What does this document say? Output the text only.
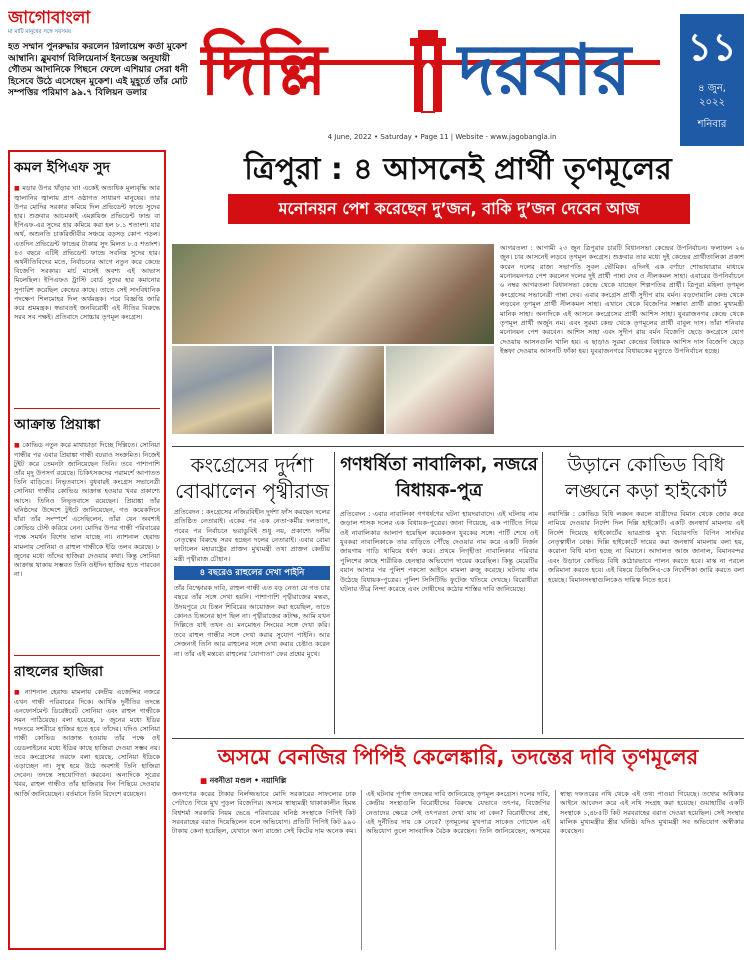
জাগোবাংলা
মা মাটি মানুষের সঙ্গে সবসময়
হত সম্মান পুনরুদ্ধার করলেন রিলায়েন্স কর্তা মুকেশ আম্বানি। ব্লুমবার্গ বিলিয়েনার্স ইনডেক্স অনুযায়ী গৌতম আদানিকে পিছনে ফেলে এশিয়ার সেরা ধনী হিসেবে উঠে এসেছেন মুকেশ। এই মুহূর্তে তাঁর মোট সম্পত্তির পরিমাণ ৯৯.৭ বিলিয়ন ডলার দিল্লি দরবার
4 June, 2022 • Saturday • Page 11 | Website - www.jagobangla.in
১১
৪ জুন,
২০২২
শনিবার
কমল ইপিএফ সুদ
■ মড়ার উপর খাঁড়ার ঘা! একেই অত্যধিক মূল্যবৃদ্ধি আর জ্বালানির জ্বালায় প্রাণ ওষ্ঠাগত সাধারণ মানুষের। তার উপর মোদির সরকার কমিয়ে দিল প্রভিডেন্ট ফান্ডে সুদের হার। শুক্রবার আচমকাই এমপ্লয়িজ প্রভিডেন্ট ফান্ড বা ইপিএফ-এর সুদের হার কমিয়ে করা হল ৮.১ শতাংশ। যার অর্থ, অশুনতি চাকরিজীবীর সঞ্চয়ে বড়সড় কোপ পড়ল। এতদিন প্রভিডেন্ট ফান্ডের টাকায় সুদ মিলত ৮.৫ শতাংশ। ৪৩ বছরে এটিই প্রভিডেন্ট ফান্ডে সবনিম্ন সুদের হার। অর্থনীতিবিদের মতে, নির্বাচনের আগে নতুন করে কেন্দ্রে বিজেপি সরকার। মার্চ মাসেই অবশ্য এই আভাস মিলেছিল। ইপিএফও ট্রাস্টি বোর্ড সুদের হার কমানোর সুপারিশ করেছিল কেন্দ্রের কাছে। তাতে সেই সাংবিধানিক পদক্ষেপ শিলমোহর দিল অর্থমন্ত্রক। পরে বিজ্ঞপ্তি জারি করে শ্রমমন্ত্রক। স্বভাবতই জনবিরোধী এই নীতির বিরুদ্ধে সরব সব পক্ষই। প্রতিবাদে সোচ্চার তৃণমূল কংগ্রেস।
আক্রান্ত প্রিয়াঙ্কা
■ কোভিড নতুন করে মাথাচাড়া দিচ্ছে দিল্লিতে। সোনিয়া গান্ধীর পর এবার প্রিয়াঙ্কা গান্ধী বঢরাও সংক্রমিত। নিজেই টুইট করে তেমনটা জানিয়েছেন তিনি। তবে পাশাপাশি তাঁর মৃদু উপসর্গ রয়েছে। চিকিৎসকদের পরামর্শে আপাতত তিনি বাড়িতে। নিভৃতবাসে। বুধবারই কংগ্রেস সভানেত্রী সোনিয়া গান্ধীর কোভিড আক্রান্ত হওয়ার খবর প্রকাশ্যে আসে। তিনিও নিভৃতবাসে রয়েছেন। প্রিয়াঙ্কা তাঁর ঘনিষ্ঠদের উদ্দেশে টুইটে জানিয়েছেন, গত কয়েকদিনে যাঁরা তাঁর সংস্পর্শে এসেছিলেন, তাঁরা যেন অবশ্যই কোভিড টেস্ট করিয়ে নেন। মোদির উপর গান্ধী পরিবারের পক্ষে সমর্থন বিশেষ ভাল যাচ্ছে না। ন্যাশনাল হেরাল্ড মামলায় সোনিয়া ও রাহুল গান্ধীকে ইডি তলব করেছে। ৮ জুনের মধ্যে তাঁদের হাজিরা দেওয়ার কথা। কিন্তু সোনিয়া আক্রান্ত থাকায় সম্ভবত তিনি ওইদিন হাজির হতে পারবেন না।
রাহুলের হাজিরা
■ ন্যাশনাল হেরাল্ড মামলায় কেন্দ্রীয় এজেন্সির নজরে এখন গান্ধী পরিবারের দিকে। আর্থিক দুর্নীতির তদন্তে এনফোর্সমেন্ট ডিরেক্টরেট সোনিয়া এবং রাহুল গান্ধীকে সমন পাঠিয়েছে। বলা হয়েছে, ৮ জুনের মধ্যে ইডির দফতরে সশরীরে হাজির হতে হবে তাঁদের। যদিও সোনিয়া গান্ধী কোভিড আক্রান্ত হওয়ায় তাঁর পক্ষে ওই ডেডলাইনের মধ্যে ইডির কাছে হাজিরা দেওয়া সম্ভব নয়। তবে কংগ্রেসের তরফে বলা হয়েছে, সোনিয়া ইডিকে এড়াচ্ছেন না। সুস্থ হয়ে উঠে অবশ্যই তিনি হাজিরা দেবেন। তদন্তে সহযোগিতা করবেন। অন্যদিকে সূত্রের খবর, রাহুল গান্ধীও তাঁর হাজিরার দিন পিছিয়ে দেওয়ার আর্জি জানিয়েছেন। বর্তমানে তিনি বিদেশে রয়েছেন।
ত্রিপুরা : ৪ আসনেই প্রার্থী তৃণমূলের
মনোনয়ন পেশ করেছেন দু’জন, বাকি দু’জন দেবেন আজ
আগরতলা : আগামী ২৩ জুন ত্রিপুরার চারটি বিধানসভা কেন্দ্রের উপনির্বাচন। ফলাফল ২৬ জুন। চার আসনেই লড়বে তৃণমূল কংগ্রেস। শুক্রবার তার মধ্যে দুই কেন্দ্রের প্রার্থীতালিকা প্রকাশ করেন দলের রাজ্য সভাপতি সুবল ভৌমিক। এদিনই এক বর্ণাঢ্য শোভাযাত্রার মাধ্যমে মনোনয়নপত্র পেশ করলেন দলের দুই প্রার্থী পান্না দেব ও নীলকমল সাহা। এবারের উপনির্বাচনে ৬ নম্বর আগরতলা বিধানসভা কেন্দ্রে থেকে যাচ্ছেন শিল্পপতির প্রার্থী। ত্রিপুরা মহিলা তৃণমূল কংগ্রেসের সভানেত্রী পান্না দেব। এবার কংগ্রেস প্রার্থী সুদীপ রায় বর্মন। বড়দোয়ালি কেন্দ্র থেকে লড়বেন তৃণমূল প্রার্থী নীলকমল সাহা। এখানে থেকে বিজেপির সম্ভাব্য প্রার্থী রাজ্য মুখ্যমন্ত্রী মানিক সাহা। অন্যদিকে এই আসনে কংগ্রেসের প্রার্থী আশিস সাহা। যুবরাজনগর কেন্দ্রে থেকে তৃণমূল প্রার্থী অর্জুন নম। এবং সুরমা কেন্দ্র থেকে তৃণমূলের প্রার্থী বাবুল দাস। তাঁরা শনিবার মনোনয়ন পেশ করবেন। আশিস সাহা এবং সুদীপ রায় বর্মন বিজেপি ছেড়ে কংগ্রেসে যোগ দেওয়ায় আসনগুলি খালি হয়। এ ছাড়াও সুরমা কেন্দ্রের বিধায়ক আশিস দাস বিজেপি ছেড়ে ইস্তফা দেওয়ায় আসনটি ফাঁকা হয়। যুবরাজনগরে বিধায়কের মৃত্যুতে উপনির্বাচন হচ্ছে।
কংগ্রেসের দুর্দশা বোঝালেন পৃথ্বীরাজ
প্রতিবেদন : কংগ্রেসের নজিরবিহীন দুর্দশা ফাঁস করছেন দলের প্রতিষ্ঠিত নেতারাই। একের পর এক নেতা-কর্মীর দলত্যাগ, পরের পর নির্বাচনে ভরাডুবিই শুধু নয়, প্রকাশ্যে দলীয় নেতৃত্বের বিরুদ্ধে সরব হচ্ছেন দলের নেতারাই। এবার বোমা ফাটালেন মহারাষ্ট্রের প্রাক্তন মুখ্যমন্ত্রী তথা প্রাক্তন কেন্দ্রীয় মন্ত্রী পৃথ্বীরাজ চৌহান।
৪ বছরেও রাহুলের দেখা পাইনি
তাঁর বিস্ফোরক দাবি, রাহুল গান্ধী এত বড় নেতা যে গত চার বছরে তাঁর সঙ্গে দেখা হয়নি। পাশাপাশি পৃথ্বীরাজের মন্তব্য, উদয়পুরে যে চিন্তন শিবিরের আয়োজন করা হয়েছিল, তাতে কোনও চিন্তনের ছাপ ছিল না। পৃথ্বীরাজের কটাক্ষ, আমি যখন দিল্লিতে যাই তখন ও। মনমোহন সিংয়ের সঙ্গে দেখা করি। তবে রাহুল গান্ধীর সঙ্গে দেখা করার সুযোগ পাইনি। আর সেজন্যই তিনি আর রাহুলের সঙ্গে দেখা করার চেষ্টাও করেন না। তাঁর এই মন্তব্যে রাহুলের 'যোগ্যতা' ফের প্রশ্নের মুখে।
গণধর্ষিতা নাবালিকা, নজরে বিধায়ক-পুত্র
প্রতিবেদন : এবার নাবালিকা গণধর্ষণের ঘটনা হায়দরাবাদে। এই ঘটনায় নাম জড়াল শাসক দলের এক বিধায়ক-পুত্রের। জানা গিয়েছে, এক পার্টিতে গিয়ে ওই নাবালিকার আলাপ হয়েছিল কয়েকজন যুবকের সঙ্গে। পার্টি শেষে ওই যুবকরা নাবালিকাকে তার বাড়িতে পৌঁছে দেওয়ার নাম করে একটি নির্জন জায়গায় গাড়ি থামিয়ে ধর্ষণ করে। প্রথমে নিগৃহীতা নাবালিকার পরিবার পুলিশের কাছে শারীরিক হেনস্থার অভিযোগ দায়ের করেছিল। কিন্তু মেয়েটির বয়ান আসার পর পুলিশ পকসো আইনে মামলা রুজু করেছে। ঘটনায় নাম উঠেছে বিধায়ক-পুত্রের। পুলিশ সিসিটিভি ফুটেজ খতিয়ে দেখছে। বিরোধীরা ঘটনার তীব্র নিন্দা করেছে এবং দোষীদের কঠোর শাস্তির দাবি জানিয়েছে।
উড়ানে কোভিড বিধি লঙ্ঘনে কড়া হাইকোর্ট
নয়াদিল্লি : কোভিড বিধি লঙ্ঘন করলে যাত্রীদের বিমান থেকে জোর করে নামিয়ে দেওয়ার নির্দেশ দিল দিল্লি হাইকোর্ট। একটি জনস্বার্থ মামলায় এই নির্দেশ দিয়েছে হাইকোর্টের ভারপ্রাপ্ত মুখ্য বিচারপতি বিপিন সাংঘির নেতৃত্বাধীন বেঞ্চ। দিল্লি হাইকোর্টে দায়ের করা জনস্বার্থ মামলায় বলা হয়, করোনা বিধি মানা হচ্ছে না বিমানে। আদালত আজ জানাল, বিমানবন্দর এবং উড়ানে কোভিড বিধি কঠোরভাবে পালন করতে হবে। মাস্ক না পরলে জরিমানা করতে হবে। এই বিষয়ে ডিজিসিএ-কে নির্দেশিকা জারি করতে বলা হয়েছে। বিমানসংস্থাগুলিকেও দায়িত্ব নিতে হবে।
অসমে বেনজির পিপিই কেলেঙ্কারি, তদন্তের দাবি তৃণমূলের
■ নবনীতা মণ্ডল • নয়াদিল্লি
জনগণের করের টাকার নির্লজ্জভাবে মোদি সরকারের সাফল্যের ঢাক পেটাতে গিয়ে মুখ পুড়ল বিজেপির। অসমে স্বাস্থ্যমন্ত্রী থাকাকালীন হিমন্ত বিশ্বশর্মা সরকারি নিয়ম ভেঙে পরিবারের ঘনিষ্ঠ সংস্থাকে পিপিই কিট সরবরাহের বরাত দিয়েছিলেন বলে অভিযোগ। প্রতিটি পিপিই কিট ৯৯০ টাকায় কেনা হয়েছিল, যেখানে অন্য রাজ্যে সেই কিটের দাম অনেক কম। এই ঘটনার পূর্ণাঙ্গ তদন্তের দাবি জানিয়েছে তৃণমূল কংগ্রেস। দলের দাবি, কেন্দ্রীয় সংস্থাগুলি বিরোধীদের বিরুদ্ধে যেভাবে তৎপর, বিজেপির নেতাদের ক্ষেত্রে সেই তৎপরতা দেখা যায় না কেন? বিরোধীদের প্রশ্ন, এই দুর্নীতির দায় কে নেবে? তৃণমূলের মুখপাত্র সাকেত গোখেল এই অভিযোগ তুলে সাংবাদিক বৈঠক করেছেন। তিনি জানিয়েছেন, অসমের স্বাস্থ্য দফতরের নথি থেকে এই তথ্য পাওয়া গিয়েছে। তথ্যের অধিকার আইনে আবেদন করে এই নথি সংগ্রহ করা হয়েছে। গুয়াহাটির একটি সংস্থাকে ১,৪৮৫টি কিট সরবরাহের বরাত দেওয়া হয়েছিল। সেই সংস্থার মালিক মুখ্যমন্ত্রীর স্ত্রীর ঘনিষ্ঠ। যদিও মুখ্যমন্ত্রী সব অভিযোগ অস্বীকার করেছেন।
